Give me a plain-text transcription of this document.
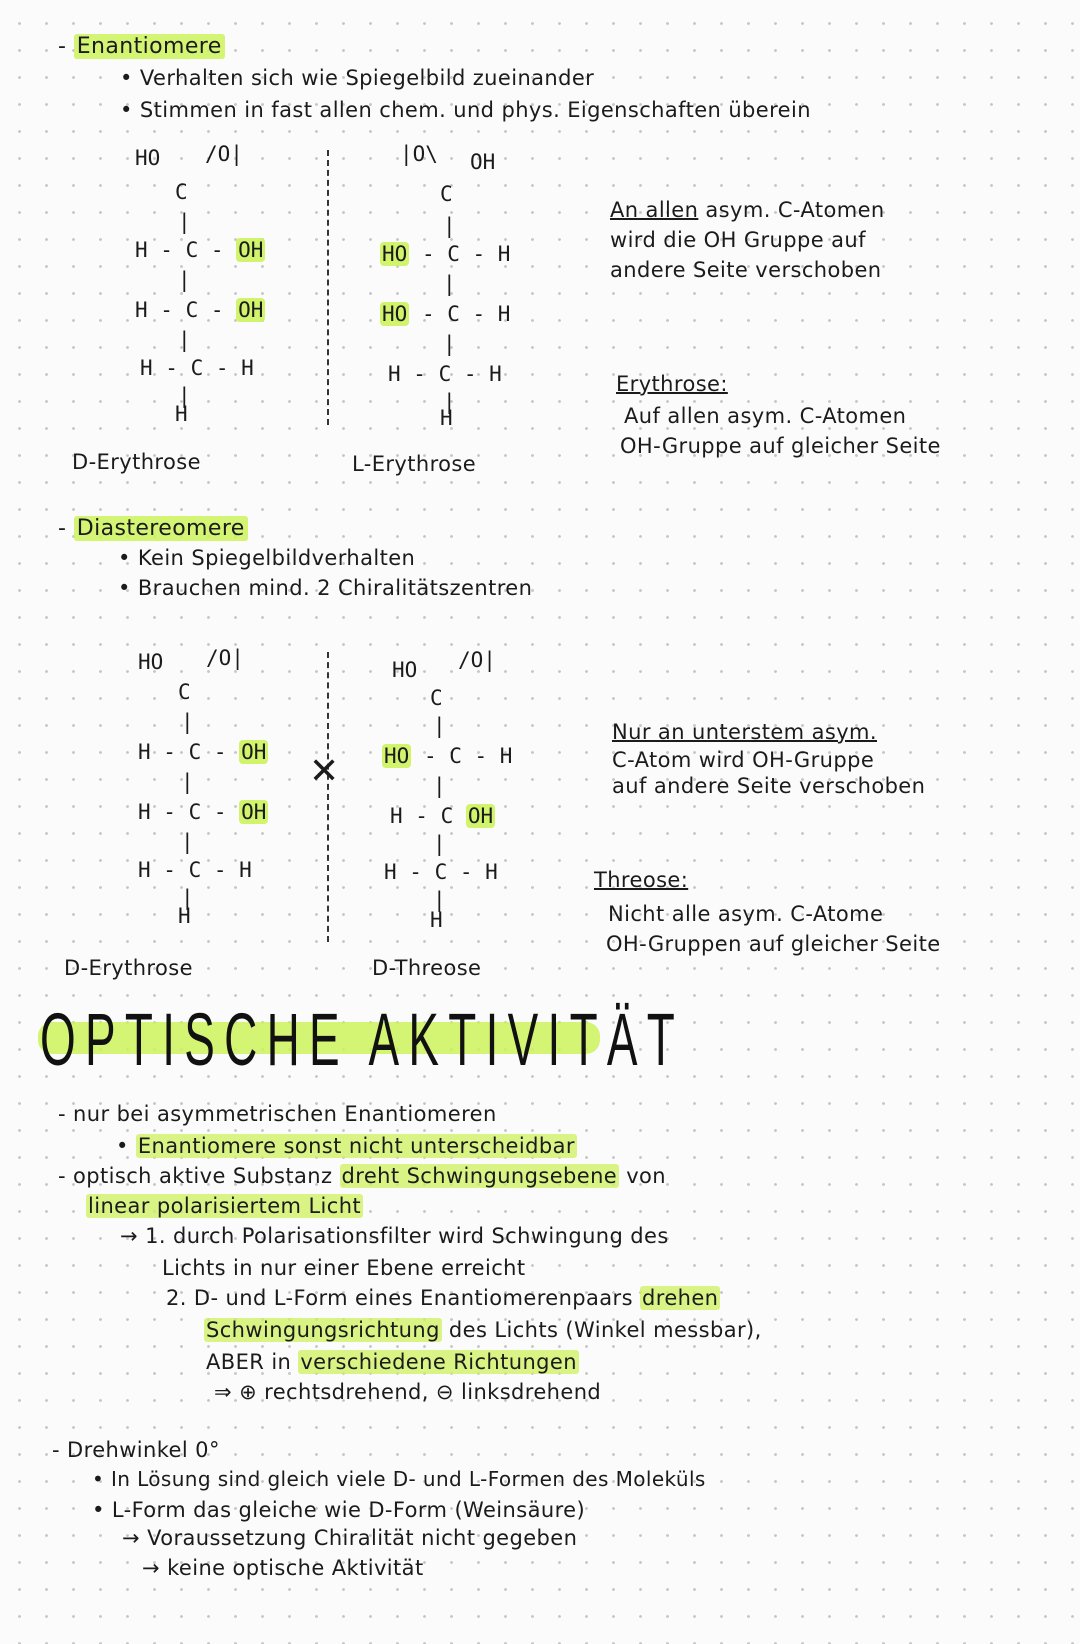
- Enantiomere
• Verhalten sich wie Spiegelbild zueinander
• Stimmen in fast allen chem. und phys. Eigenschaften überein

HO

/O|

C

|

H - C - OH

|

H - C - OH

|

H - C - H

|

H

D-Erythrose

|O\

OH

C

|

HO - C - H

|

HO - C - H

|

H - C - H

|

H

L-Erythrose
An allen asym. C-Atomen
wird die OH Gruppe auf
andere Seite verschoben
Erythrose:
Auf allen asym. C-Atomen
OH-Gruppe auf gleicher Seite
- Diastereomere
• Kein Spiegelbildverhalten
• Brauchen mind. 2 Chiralitätszentren

HO

/O|

C

|

H - C - OH

|

H - C - OH

|

H - C - H

|

H

D-Erythrose
✕

HO

/O|

C

|

HO - C - H

|

H - C OH

|

H - C - H

|

H

D-Threose
Nur an unterstem asym.
C-Atom wird OH-Gruppe
auf andere Seite verschoben
Threose:
Nicht alle asym. C-Atome
OH-Gruppen auf gleicher Seite
OPTISCHE AKTIVITÄT
- nur bei asymmetrischen Enantiomeren
• Enantiomere sonst nicht unterscheidbar
- optisch aktive Substanz dreht Schwingungsebene von
linear polarisiertem Licht
→ 1. durch Polarisationsfilter wird Schwingung des
Lichts in nur einer Ebene erreicht
2. D- und L-Form eines Enantiomerenpaars drehen
Schwingungsrichtung des Lichts (Winkel messbar),
ABER in verschiedene Richtungen
⇒ ⊕ rechtsdrehend, ⊖ linksdrehend
- Drehwinkel 0°
• In Lösung sind gleich viele D- und L-Formen des Moleküls
• L-Form das gleiche wie D-Form (Weinsäure)
→ Voraussetzung Chiralität nicht gegeben
→ keine optische Aktivität
